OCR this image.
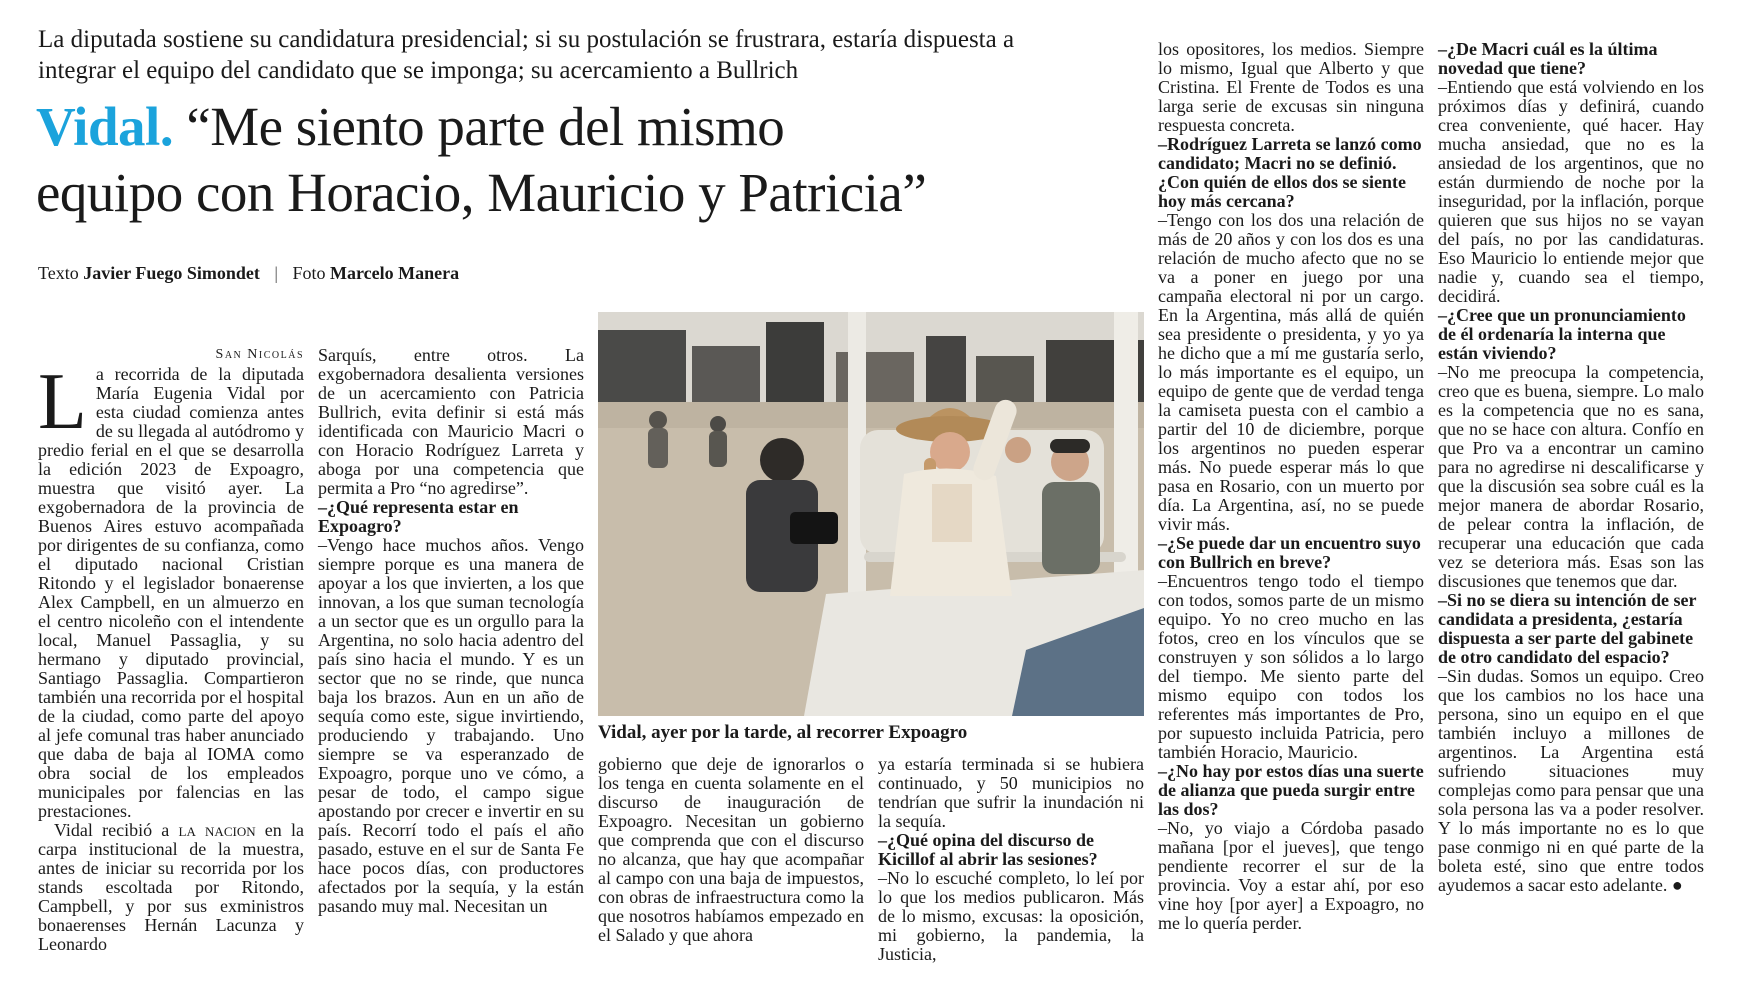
La diputada sostiene su candidatura presidencial; si su postulación se frustrara, estaría dispuesta a integrar el equipo del candidato que se imponga; su acercamiento a Bullrich

Vidal. “Me siento parte del mismo
equipo con Horacio, Mauricio y Patricia”

Texto Javier Fuego Simondet | Foto Marcelo Manera

San Nicolás

La recorrida de la diputada María Eugenia Vidal por esta ciudad comienza antes de su llegada al autódromo y predio ferial en el que se desarrolla la edición 2023 de Expoagro, muestra que visitó ayer. La exgobernadora de la provincia de Buenos Aires estuvo acompañada por dirigentes de su confianza, como el diputado nacional Cristian Ritondo y el legislador bonaerense Alex Campbell, en un almuerzo en el centro nicoleño con el intendente local, Manuel Passaglia, y su hermano y diputado provincial, Santiago Passaglia. Compartieron también una recorrida por el hospital de la ciudad, como parte del apoyo al jefe comunal tras haber anunciado que daba de baja al IOMA como obra social de los empleados municipales por falencias en las prestaciones.

Vidal recibió a la nacion en la carpa institucional de la muestra, antes de iniciar su recorrida por los stands escoltada por Ritondo, Campbell, y por sus exministros bonaerenses Hernán Lacunza y Leonardo

Sarquís, entre otros. La exgobernadora desalienta versiones de un acercamiento con Patricia Bullrich, evita definir si está más identificada con Mauricio Macri o con Horacio Rodríguez Larreta y aboga por una competencia que permita a Pro “no agredirse”.

–¿Qué representa estar en Expoagro?

–Vengo hace muchos años. Vengo siempre porque es una manera de apoyar a los que invierten, a los que innovan, a los que suman tecnología a un sector que es un orgullo para la Argentina, no solo hacia adentro del país sino hacia el mundo. Y es un sector que no se rinde, que nunca baja los brazos. Aun en un año de sequía como este, sigue invirtiendo, produciendo y trabajando. Uno siempre se va esperanzado de Expoagro, porque uno ve cómo, a pesar de todo, el campo sigue apostando por crecer e invertir en su país. Recorrí todo el país el año pasado, estuve en el sur de Santa Fe hace pocos días, con productores afectados por la sequía, y la están pasando muy mal. Necesitan un

Vidal, ayer por la tarde, al recorrer Expoagro

gobierno que deje de ignorarlos o los tenga en cuenta solamente en el discurso de inauguración de Expoagro. Necesitan un gobierno que comprenda que con el discurso no alcanza, que hay que acompañar al campo con una baja de impuestos, con obras de infraestructura como la que nosotros habíamos empezado en el Salado y que ahora

ya estaría terminada si se hubiera continuado, y 50 municipios no tendrían que sufrir la inundación ni la sequía.

–¿Qué opina del discurso de Kicillof al abrir las sesiones?

–No lo escuché completo, lo leí por lo que los medios publicaron. Más de lo mismo, excusas: la oposición, mi gobierno, la pandemia, la Justicia,

los opositores, los medios. Siempre lo mismo, Igual que Alberto y que Cristina. El Frente de Todos es una larga serie de excusas sin ninguna respuesta concreta.

–Rodríguez Larreta se lanzó como candidato; Macri no se definió. ¿Con quién de ellos dos se siente hoy más cercana?

–Tengo con los dos una relación de más de 20 años y con los dos es una relación de mucho afecto que no se va a poner en juego por una campaña electoral ni por un cargo. En la Argentina, más allá de quién sea presidente o presidenta, y yo ya he dicho que a mí me gustaría serlo, lo más importante es el equipo, un equipo de gente que de verdad tenga la camiseta puesta con el cambio a partir del 10 de diciembre, porque los argentinos no pueden esperar más. No puede esperar más lo que pasa en Rosario, con un muerto por día. La Argentina, así, no se puede vivir más.

–¿Se puede dar un encuentro suyo con Bullrich en breve?

–Encuentros tengo todo el tiempo con todos, somos parte de un mismo equipo. Yo no creo mucho en las fotos, creo en los vínculos que se construyen y son sólidos a lo largo del tiempo. Me siento parte del mismo equipo con todos los referentes más importantes de Pro, por supuesto incluida Patricia, pero también Horacio, Mauricio.

–¿No hay por estos días una suerte de alianza que pueda surgir entre las dos?

–No, yo viajo a Córdoba pasado mañana [por el jueves], que tengo pendiente recorrer el sur de la provincia. Voy a estar ahí, por eso vine hoy [por ayer] a Expoagro, no me lo quería perder.

–¿De Macri cuál es la última novedad que tiene?

–Entiendo que está volviendo en los próximos días y definirá, cuando crea conveniente, qué hacer. Hay mucha ansiedad, que no es la ansiedad de los argentinos, que no están durmiendo de noche por la inseguridad, por la inflación, porque quieren que sus hijos no se vayan del país, no por las candidaturas. Eso Mauricio lo entiende mejor que nadie y, cuando sea el tiempo, decidirá.

–¿Cree que un pronunciamiento de él ordenaría la interna que están viviendo?

–No me preocupa la competencia, creo que es buena, siempre. Lo malo es la competencia que no es sana, que no se hace con altura. Confío en que Pro va a encontrar un camino para no agredirse ni descalificarse y que la discusión sea sobre cuál es la mejor manera de abordar Rosario, de pelear contra la inflación, de recuperar una educación que cada vez se deteriora más. Esas son las discusiones que tenemos que dar.

–Si no se diera su intención de ser candidata a presidenta, ¿estaría dispuesta a ser parte del gabinete de otro candidato del espacio?

–Sin dudas. Somos un equipo. Creo que los cambios no los hace una persona, sino un equipo en el que también incluyo a millones de argentinos. La Argentina está sufriendo situaciones muy complejas como para pensar que una sola persona las va a poder resolver. Y lo más importante no es lo que pase conmigo ni en qué parte de la boleta esté, sino que entre todos ayudemos a sacar esto adelante. ●
